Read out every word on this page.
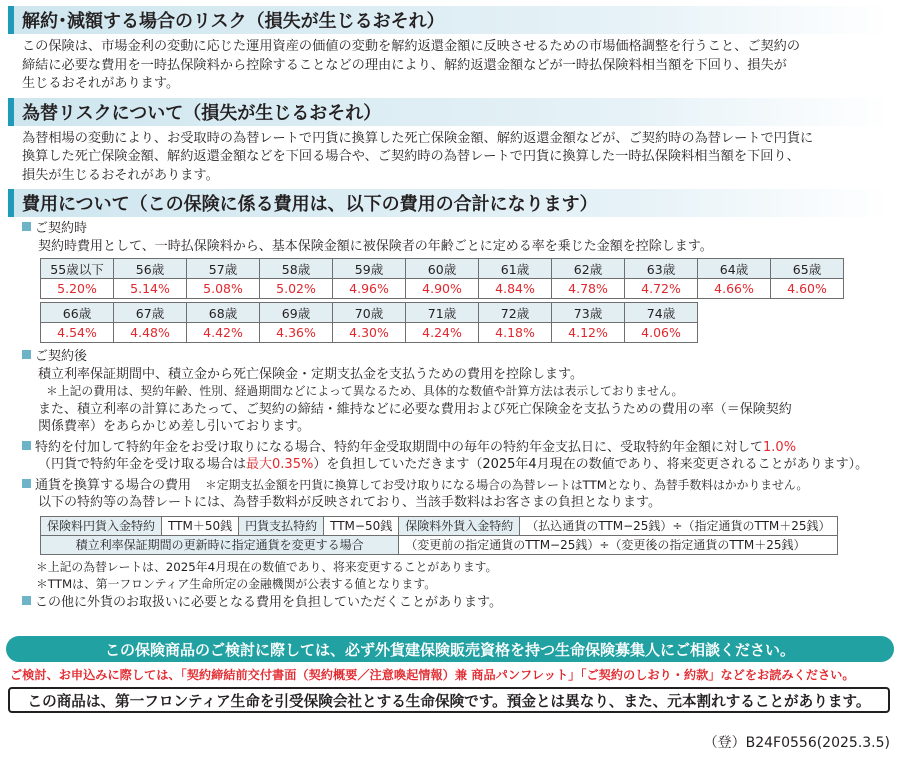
解約･減額する場合のリスク（損失が生じるおそれ）
この保険は、市場金利の変動に応じた運用資産の価値の変動を解約返還金額に反映させるための市場価格調整を行うこと、ご契約の
締結に必要な費用を一時払保険料から控除することなどの理由により、解約返還金額などが一時払保険料相当額を下回り、損失が
生じるおそれがあります。
為替リスクについて（損失が生じるおそれ）
為替相場の変動により、お受取時の為替レートで円貨に換算した死亡保険金額、解約返還金額などが、ご契約時の為替レートで円貨に
換算した死亡保険金額、解約返還金額などを下回る場合や、ご契約時の為替レートで円貨に換算した一時払保険料相当額を下回り、
損失が生じるおそれがあります。
費用について（この保険に係る費用は、以下の費用の合計になります）
ご契約時
契約時費用として、一時払保険料から、基本保険金額に被保険者の年齢ごとに定める率を乗じた金額を控除します。
55歳以下	56歳	57歳	58歳	59歳	60歳	61歳	62歳	63歳	64歳	65歳
5.20%	5.14%	5.08%	5.02%	4.96%	4.90%	4.84%	4.78%	4.72%	4.66%	4.60%
66歳	67歳	68歳	69歳	70歳	71歳	72歳	73歳	74歳
4.54%	4.48%	4.42%	4.36%	4.30%	4.24%	4.18%	4.12%	4.06%
ご契約後
積立利率保証期間中、積立金から死亡保険金・定期支払金を支払うための費用を控除します。
＊上記の費用は、契約年齢、性別、経過期間などによって異なるため、具体的な数値や計算方法は表示しておりません。
また、積立利率の計算にあたって、ご契約の締結・維持などに必要な費用および死亡保険金を支払うための費用の率（＝保険契約
関係費率）をあらかじめ差し引いております。
特約を付加して特約年金をお受け取りになる場合、特約年金受取期間中の毎年の特約年金支払日に、受取特約年金額に対して1.0%
（円貨で特約年金を受け取る場合は最大0.35%）を負担していただきます（2025年4月現在の数値であり、将来変更されることがあります）。
通貨を換算する場合の費用 ＊定期支払金額を円貨に換算してお受け取りになる場合の為替レートはTTMとなり、為替手数料はかかりません。
以下の特約等の為替レートには、為替手数料が反映されており、当該手数料はお客さまの負担となります。
保険料円貨入金特約	TTM＋50銭	円貨支払特約	TTM−50銭	保険料外貨入金特約	（払込通貨のTTM−25銭）÷（指定通貨のTTM＋25銭）
積立利率保証期間の更新時に指定通貨を変更する場合				（変更前の指定通貨のTTM−25銭）÷（変更後の指定通貨のTTM＋25銭）	
＊上記の為替レートは、2025年4月現在の数値であり、将来変更することがあります。
＊TTMは、第一フロンティア生命所定の金融機関が公表する値となります。
この他に外貨のお取扱いに必要となる費用を負担していただくことがあります。
この保険商品のご検討に際しては、必ず外貨建保険販売資格を持つ生命保険募集人にご相談ください。
ご検討、お申込みに際しては、「契約締結前交付書面（契約概要／注意喚起情報）兼 商品パンフレット」「ご契約のしおり・約款」などをお読みください。
この商品は、第一フロンティア生命を引受保険会社とする生命保険です。預金とは異なり、また、元本割れすることがあります。
（登）B24F0556(2025.3.5)
